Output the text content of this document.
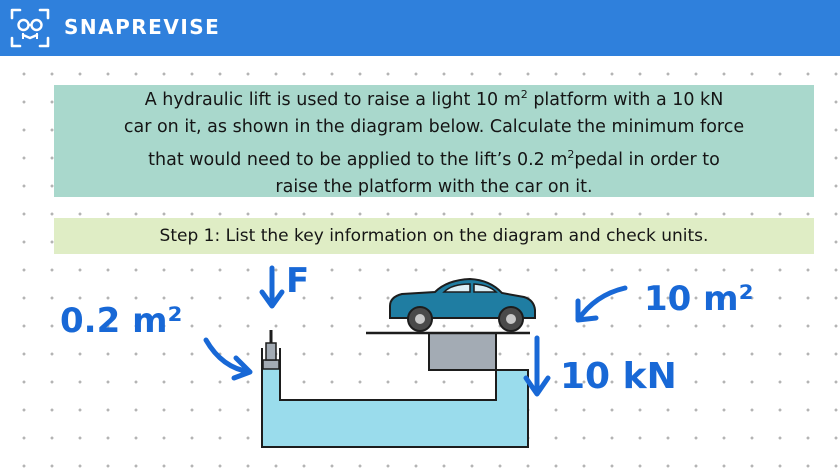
SNAPREVISE
A hydraulic lift is used to raise a light 10 $m^2$ platform with a 10 kN
car on it, as shown in the diagram below. Calculate the minimum force
that would need to be applied to the lift’s 0.2 $m^2pedal$ in order to
raise the platform with the car on it.
Step 1: List the key information on the diagram and check units.
0.2 m²
F	10 m²
10 kN
